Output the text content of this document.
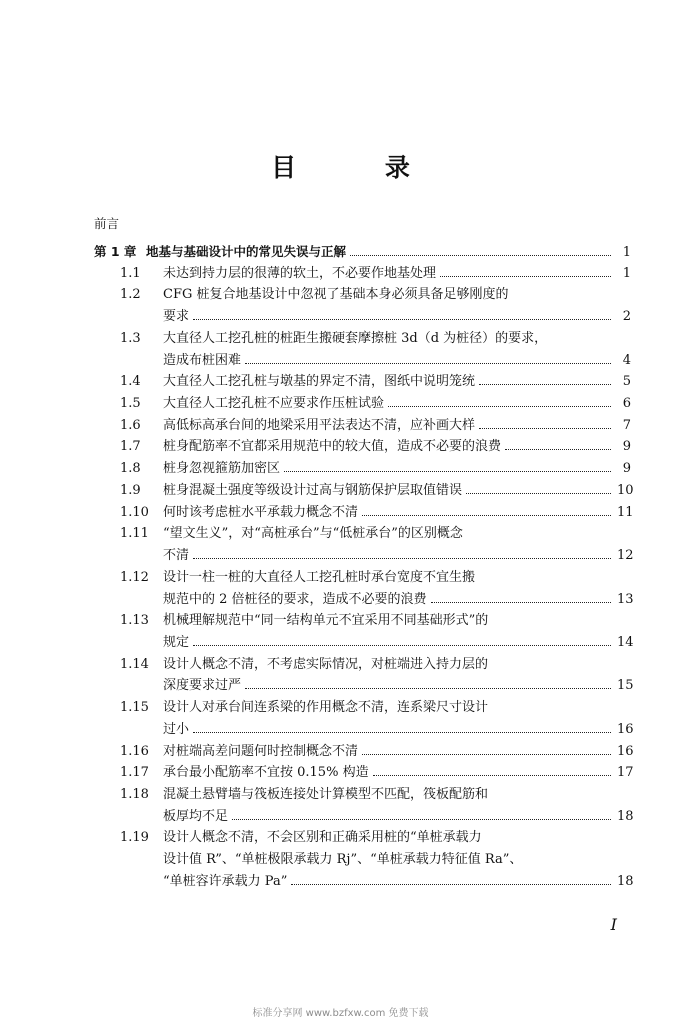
目 录
前言
第 1 章 地基与基础设计中的常见失误与正解	1
1.1 未达到持力层的很薄的软土，不必要作地基处理	1
1.2 CFG 桩复合地基设计中忽视了基础本身必须具备足够刚度的
要求	2
1.3 大直径人工挖孔桩的桩距生搬硬套摩擦桩 3d（d 为桩径）的要求，
造成布桩困难	4
1.4 大直径人工挖孔桩与墩基的界定不清，图纸中说明笼统	5
1.5 大直径人工挖孔桩不应要求作压桩试验	6
1.6 高低标高承台间的地梁采用平法表达不清，应补画大样	7
1.7 桩身配筋率不宜都采用规范中的较大值，造成不必要的浪费	9
1.8 桩身忽视箍筋加密区	9
1.9 桩身混凝土强度等级设计过高与钢筋保护层取值错误	10
1.10 何时该考虑桩水平承载力概念不清	11
1.11 “望文生义”，对“高桩承台”与“低桩承台”的区别概念
不清	12
1.12 设计一柱一桩的大直径人工挖孔桩时承台宽度不宜生搬
规范中的 2 倍桩径的要求，造成不必要的浪费	13
1.13 机械理解规范中“同一结构单元不宜采用不同基础形式”的
规定	14
1.14 设计人概念不清，不考虑实际情况，对桩端进入持力层的
深度要求过严	15
1.15 设计人对承台间连系梁的作用概念不清，连系梁尺寸设计
过小	16
1.16 对桩端高差问题何时控制概念不清	16
1.17 承台最小配筋率不宜按 0.15% 构造	17
1.18 混凝土悬臂墙与筏板连接处计算模型不匹配，筏板配筋和
板厚均不足	18
1.19 设计人概念不清，不会区别和正确采用桩的“单桩承载力
设计值 R”、“单桩极限承载力 Rj”、“单桩承载力特征值 Ra”、
“单桩容许承载力 Pa”	18
I
标准分享网 www.bzfxw.com 免费下载
